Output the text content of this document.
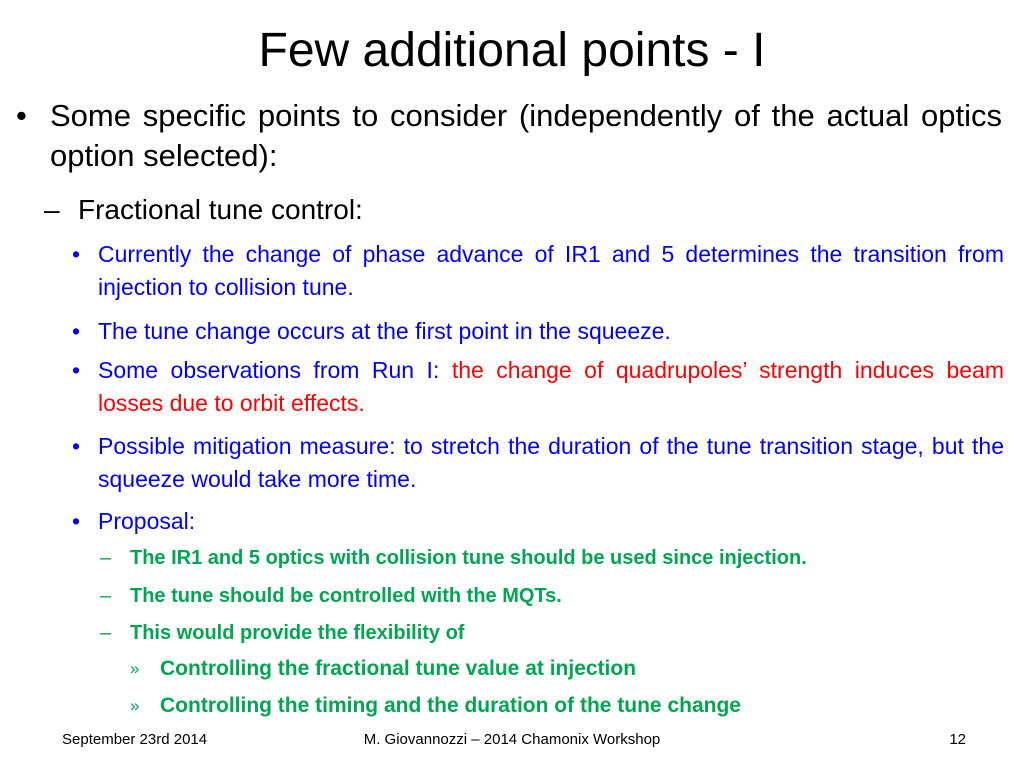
Few additional points - I
• Some specific points to consider (independently of the actual optics option selected):
– Fractional tune control:
• Currently the change of phase advance of IR1 and 5 determines the transition from injection to collision tune.
• The tune change occurs at the first point in the squeeze.
• Some observations from Run I: the change of quadrupoles’ strength induces beam losses due to orbit effects.
• Possible mitigation measure: to stretch the duration of the tune transition stage, but the squeeze would take more time.
• Proposal:
– The IR1 and 5 optics with collision tune should be used since injection.
– The tune should be controlled with the MQTs.
– This would provide the flexibility of
» Controlling the fractional tune value at injection
» Controlling the timing and the duration of the tune change
September 23rd 2014	M. Giovannozzi – 2014 Chamonix Workshop	12
